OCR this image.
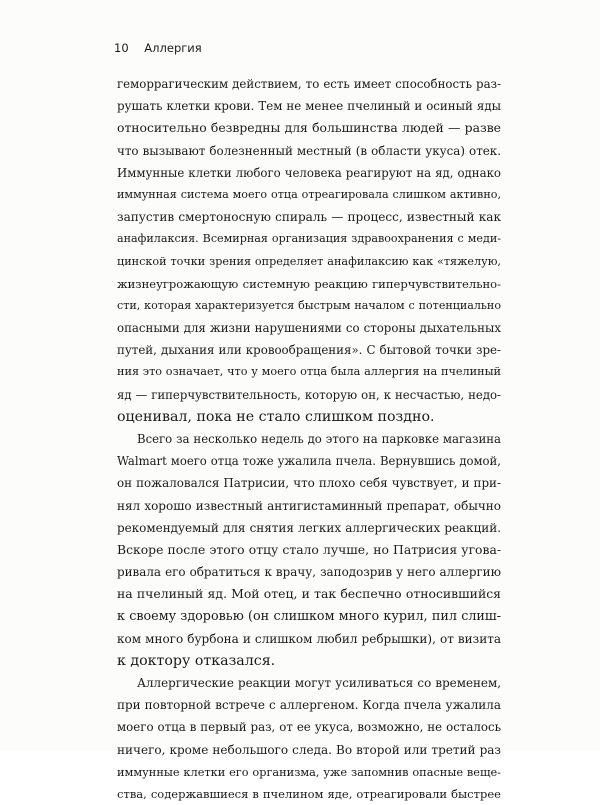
10 Аллергия
геморрагическим действием, то есть имеет способность раз-
рушать клетки крови. Тем не менее пчелиный и осиный яды
относительно безвредны для большинства людей — разве
что вызывают болезненный местный (в области укуса) отек.
Иммунные клетки любого человека реагируют на яд, однако
иммунная система моего отца отреагировала слишком активно,
запустив смертоносную спираль — процесс, известный как
анафилаксия. Всемирная организация здравоохранения с меди-
цинской точки зрения определяет анафилаксию как «тяжелую,
жизнеугрожающую системную реакцию гиперчувствительно-
сти, которая характеризуется быстрым началом с потенциально
опасными для жизни нарушениями со стороны дыхательных
путей, дыхания или кровообращения». С бытовой точки зре-
ния это означает, что у моего отца была аллергия на пчелиный
яд — гиперчувствительность, которую он, к несчастью, недо-
оценивал, пока не стало слишком поздно.
Всего за несколько недель до этого на парковке магазина
Walmart моего отца тоже ужалила пчела. Вернувшись домой,
он пожаловался Патрисии, что плохо себя чувствует, и при-
нял хорошо известный антигистаминный препарат, обычно
рекомендуемый для снятия легких аллергических реакций.
Вскоре после этого отцу стало лучше, но Патрисия угова-
ривала его обратиться к врачу, заподозрив у него аллергию
на пчелиный яд. Мой отец, и так беспечно относившийся
к своему здоровью (он слишком много курил, пил слиш-
ком много бурбона и слишком любил ребрышки), от визита
к доктору отказался.
Аллергические реакции могут усиливаться со временем,
при повторной встрече с аллергеном. Когда пчела ужалила
моего отца в первый раз, от ее укуса, возможно, не осталось
ничего, кроме небольшого следа. Во второй или третий раз
иммунные клетки его организма, уже запомнив опасные веще-
ства, содержавшиеся в пчелином яде, отреагировали быстрее
